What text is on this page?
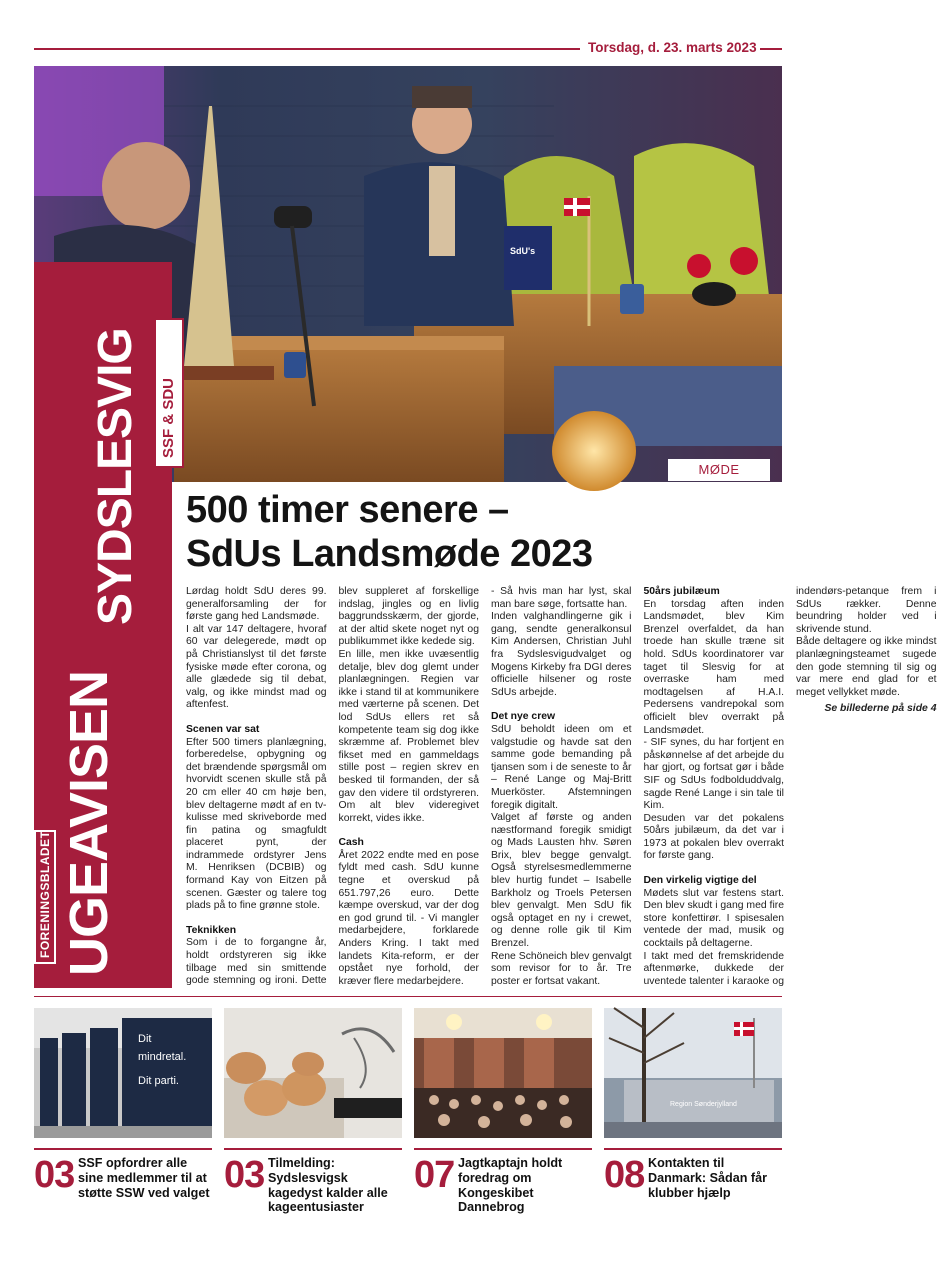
Torsdag, d. 23. marts 2023
SdU's
MØDE
UGEAVISEN
SYDSLESVIG SSF & SDU
FORENINGSBLADET
500 timer senere –
SdUs Landsmøde 2023

Lørdag holdt SdU deres 99. generalforsamling der for første gang hed Landsmøde.

I alt var 147 deltagere, hvoraf 60 var delegerede, mødt op på Christianslyst til det første fysiske møde efter corona, og alle glædede sig til debat, valg, og ikke mindst mad og aftenfest.

Scenen var sat

Efter 500 timers planlægning, forberedelse, opbygning og det brændende spørgsmål om hvorvidt scenen skulle stå på 20 cm eller 40 cm høje ben, blev deltagerne mødt af en tv-kulisse med skriveborde med fin patina og smagfuldt placeret pynt, der indrammede ordstyrer Jens M. Henriksen (DCBIB) og formand Kay von Eitzen på scenen. Gæster og talere tog plads på to fine grønne stole.

Teknikken

Som i de to forgangne år, holdt ordstyreren sig ikke tilbage med sin smittende gode stemning og ironi. Dette blev suppleret af forskellige indslag, jingles og en livlig baggrundsskærm, der gjorde, at der altid skete noget nyt og publikummet ikke kedede sig.

En lille, men ikke uvæsentlig detalje, blev dog glemt under planlægningen. Regien var ikke i stand til at kommunikere med værterne på scenen. Det lod SdUs ellers ret så kompetente team sig dog ikke skræmme af. Problemet blev fikset med en gammeldags stille post – regien skrev en besked til formanden, der så gav den videre til ordstyreren. Om alt blev videregivet korrekt, vides ikke.

Cash

Året 2022 endte med en pose fyldt med cash. SdU kunne tegne et overskud på 651.797,26 euro. Dette kæmpe overskud, var der dog en god grund til. - Vi mangler medarbejdere, forklarede Anders Kring. I takt med landets Kita-reform, er der opstået nye forhold, der kræver flere medarbejdere.

- Så hvis man har lyst, skal man bare søge, fortsatte han.

Inden valghandlingerne gik i gang, sendte generalkonsul Kim Andersen, Christian Juhl fra Sydslesvigudvalget og Mogens Kirkeby fra DGI deres officielle hilsener og roste SdUs arbejde.

Det nye crew

SdU beholdt ideen om et valgstudie og havde sat den samme gode bemanding på tjansen som i de seneste to år – René Lange og Maj-Britt Muerköster. Afstemningen foregik digitalt.

Valget af første og anden næstformand foregik smidigt og Mads Lausten hhv. Søren Brix, blev begge genvalgt. Også styrelsesmedlemmerne blev hurtig fundet – Isabelle Barkholz og Troels Petersen blev genvalgt. Men SdU fik også optaget en ny i crewet, og denne rolle gik til Kim Brenzel.

Rene Schöneich blev genvalgt som revisor for to år. Tre poster er fortsat vakant.

50års jubilæum

En torsdag aften inden Landsmødet, blev Kim Brenzel overfaldet, da han troede han skulle træne sit hold. SdUs koordinatorer var taget til Slesvig for at overraske ham med modtagelsen af H.A.I. Pedersens vandrepokal som officielt blev overrakt på Landsmødet.

- SIF synes, du har fortjent en påskønnelse af det arbejde du har gjort, og fortsat gør i både SIF og SdUs fodbolduddvalg, sagde René Lange i sin tale til Kim.

Desuden var det pokalens 50års jubilæum, da det var i 1973 at pokalen blev overrakt for første gang.

Den virkelig vigtige del

Mødets slut var festens start. Den blev skudt i gang med fire store konfettirør. I spisesalen ventede der mad, musik og cocktails på deltagerne.

I takt med det fremskridende aftenmørke, dukkede der uventede talenter i karaoke og indendørs-petanque frem i SdUs rækker. Denne beundring holder ved i skrivende stund.

Både deltagere og ikke mindst planlægningsteamet sugede den gode stemning til sig og var mere end glad for et meget vellykket møde.

Se billederne på side 4

Dit
mindretal.
Dit parti.
03 SSF opfordrer alle sine medlemmer til at støtte SSW ved valget 03 Tilmelding: Sydslesvigsk kagedyst kalder alle kageentusiaster
07 Jagtkaptajn holdt foredrag om Kongeskibet Dannebrog
Region Sønderjylland
08 Kontakten til Danmark: Sådan får klubber hjælp
